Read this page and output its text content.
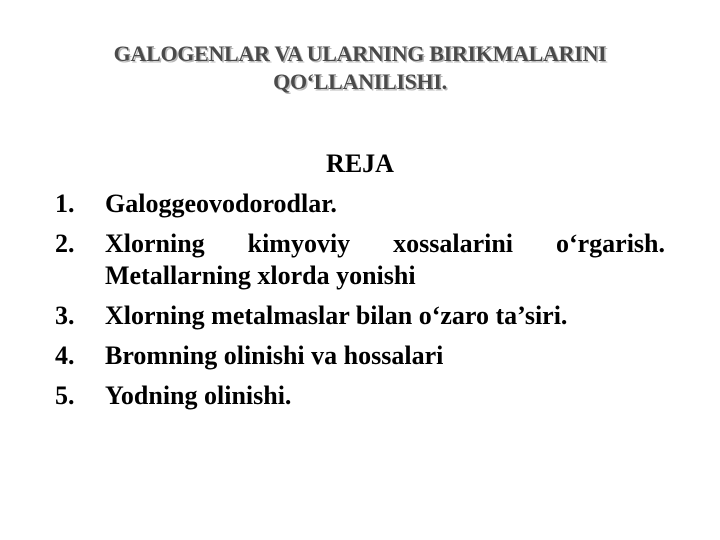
GALOGENLAR VA ULARNING BIRIKMALARINI
QO‘LLANILISHI.
REJA
1.	Galoggeovodorodlar.
2.	Xlorning kimyoviy xossalarini o‘rgarish.
Metallarning xlorda yonishi
3.	Xlorning metalmaslar bilan o‘zaro ta’siri.
4.	Bromning olinishi va hossalari
5.	Yodning olinishi.
